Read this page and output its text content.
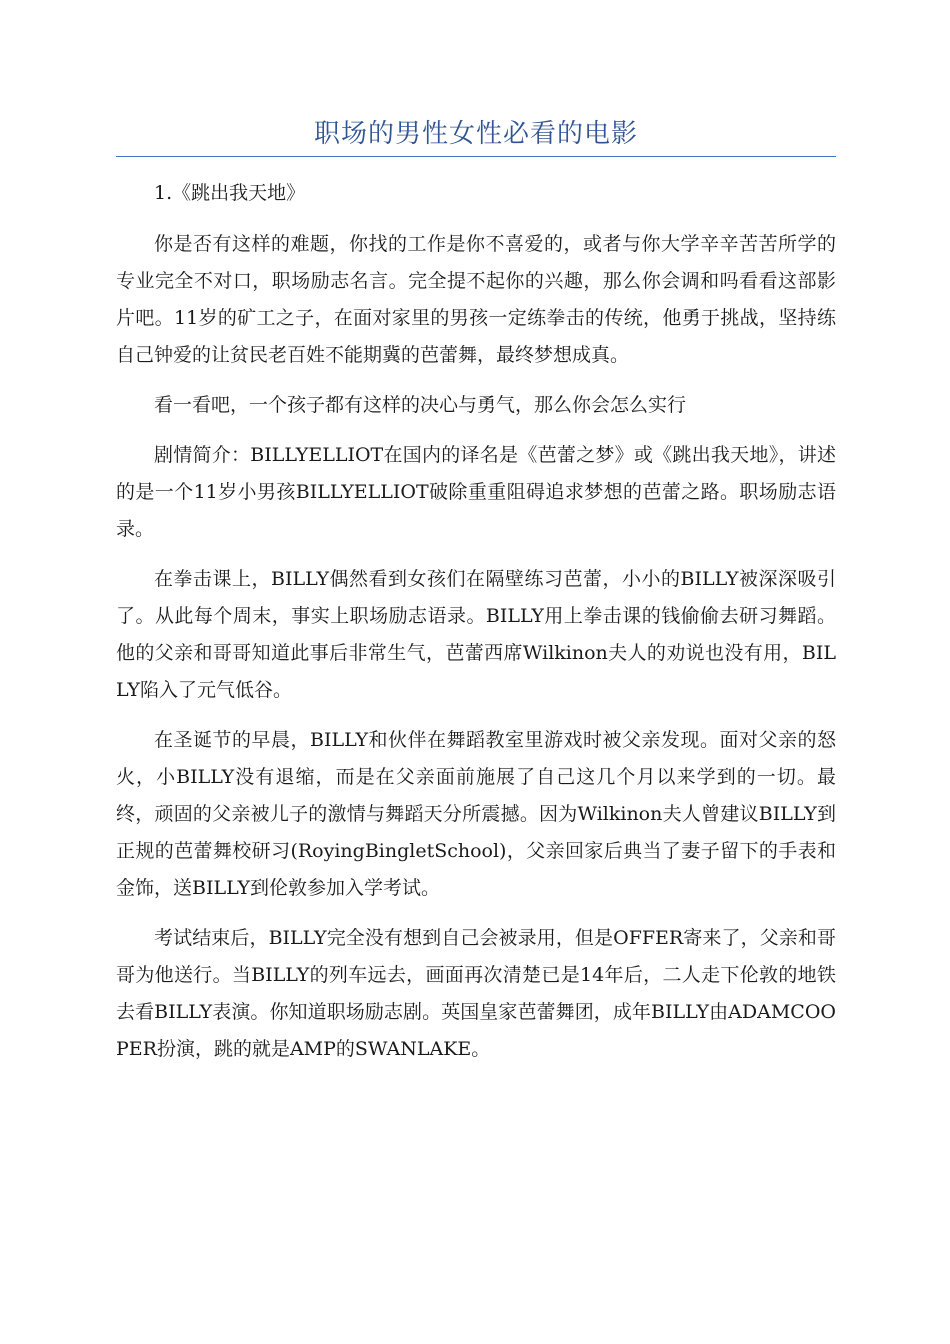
职场的男性女性必看的电影

1.《跳出我天地》

你是否有这样的难题，你找的工作是你不喜爱的，或者与你大学辛辛苦苦所学的专业完全不对口，职场励志名言。完全提不起你的兴趣，那么你会调和吗看看这部影片吧。11岁的矿工之子，在面对家里的男孩一定练拳击的传统，他勇于挑战，坚持练自己钟爱的让贫民老百姓不能期冀的芭蕾舞，最终梦想成真。

看一看吧，一个孩子都有这样的决心与勇气，那么你会怎么实行

剧情简介：BILLYELLIOT在国内的译名是《芭蕾之梦》或《跳出我天地》，讲述的是一个11岁小男孩BILLYELLIOT破除重重阻碍追求梦想的芭蕾之路。职场励志语录。

在拳击课上，BILLY偶然看到女孩们在隔壁练习芭蕾，小小的BILLY被深深吸引了。从此每个周末，事实上职场励志语录。BILLY用上拳击课的钱偷偷去研习舞蹈。他的父亲和哥哥知道此事后非常生气，芭蕾西席Wilkinon夫人的劝说也没有用，BILLY陷入了元气低谷。

在圣诞节的早晨，BILLY和伙伴在舞蹈教室里游戏时被父亲发现。面对父亲的怒火，小BILLY没有退缩，而是在父亲面前施展了自己这几个月以来学到的一切。最终，顽固的父亲被儿子的激情与舞蹈天分所震撼。因为Wilkinon夫人曾建议BILLY到正规的芭蕾舞校研习(RoyingBingletSchool)，父亲回家后典当了妻子留下的手表和金饰，送BILLY到伦敦参加入学考试。

考试结束后，BILLY完全没有想到自己会被录用，但是OFFER寄来了，父亲和哥哥为他送行。当BILLY的列车远去，画面再次清楚已是14年后，二人走下伦敦的地铁去看BILLY表演。你知道职场励志剧。英国皇家芭蕾舞团，成年BILLY由ADAMCOOPER扮演，跳的就是AMP的SWANLAKE。
